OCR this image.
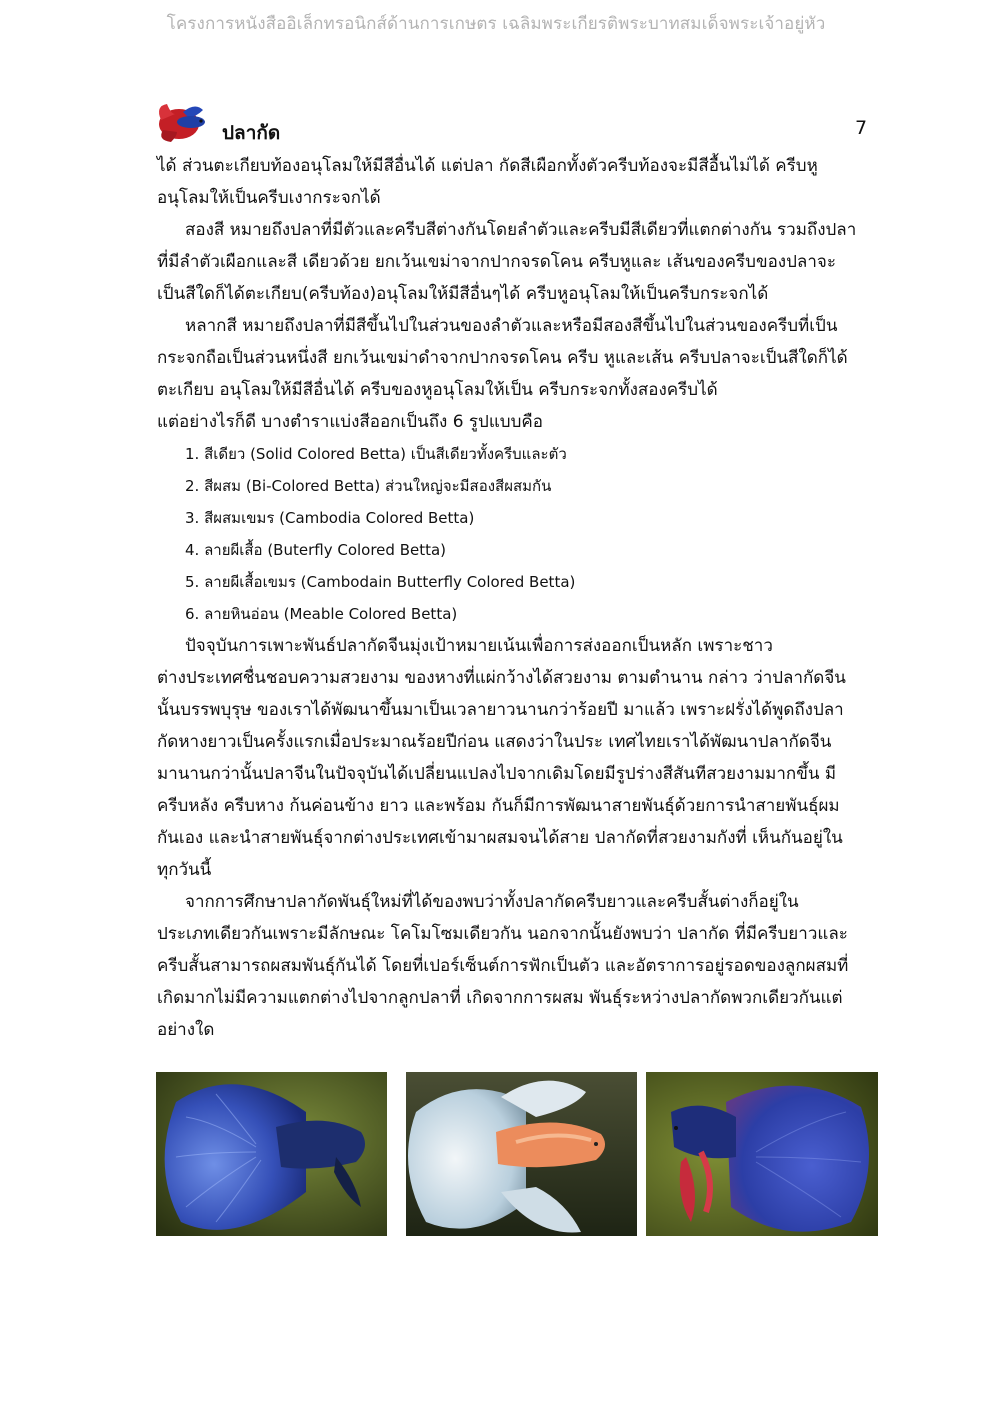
โครงการหนังสืออิเล็กทรอนิกส์ด้านการเกษตร เฉลิมพระเกียรติพระบาทสมเด็จพระเจ้าอยู่หัว
ปลากัด	7
ได้ ส่วนตะเกียบท้องอนุโลมให้มีสีอื่นได้ แต่ปลา กัดสีเผือกทั้งตัวครีบท้องจะมีสีอื้นไม่ได้ ครีบหู
อนุโลมให้เป็นครีบเงากระจกได้
สองสี หมายถึงปลาที่มีตัวและครีบสีต่างกันโดยลำตัวและครีบมีสีเดียวที่แตกต่างกัน รวมถึงปลา
ที่มีลำตัวเผือกและสี เดียวด้วย ยกเว้นเขม่าจากปากจรดโคน ครีบหูและ เส้นของครีบของปลาจะ
เป็นสีใดก็ได้ตะเกียบ(ครีบท้อง)อนุโลมให้มีสีอื่นๆได้ ครีบหูอนุโลมให้เป็นครีบกระจกได้
หลากสี หมายถึงปลาที่มีสีขึ้นไปในส่วนของลำตัวและหรือมีสองสีขึ้นไปในส่วนของครีบที่เป็น
กระจกถือเป็นส่วนหนึ่งสี ยกเว้นเขม่าดำจากปากจรดโคน ครีบ หูและเส้น ครีบปลาจะเป็นสีใดก็ได้
ตะเกียบ อนุโลมให้มีสีอื่นได้ ครีบของหูอนุโลมให้เป็น ครีบกระจกทั้งสองครีบได้
แต่อย่างไรก็ดี บางตำราแบ่งสีออกเป็นถึง 6 รูปแบบคือ
1. สีเดียว (Solid Colored Betta) เป็นสีเดียวทั้งครีบและตัว
2. สีผสม (Bi-Colored Betta) ส่วนใหญ่จะมีสองสีผสมกัน
3. สีผสมเขมร (Cambodia Colored Betta)
4. ลายผีเสื้อ (Buterfly Colored Betta)
5. ลายผีเสื้อเขมร (Cambodain Butterfly Colored Betta)
6. ลายหินอ่อน (Meable Colored Betta)
ปัจจุบันการเพาะพันธ์ปลากัดจีนมุ่งเป้าหมายเน้นเพื่อการส่งออกเป็นหลัก เพราะชาว
ต่างประเทศชื่นชอบความสวยงาม ของหางที่แผ่กว้างได้สวยงาม ตามตำนาน กล่าว ว่าปลากัดจีน
นั้นบรรพบุรุษ ของเราได้พัฒนาขึ้นมาเป็นเวลายาวนานกว่าร้อยปี มาแล้ว เพราะฝรั่งได้พูดถึงปลา
กัดหางยาวเป็นครั้งแรกเมื่อประมาณร้อยปีก่อน แสดงว่าในประ เทศไทยเราได้พัฒนาปลากัดจีน
มานานกว่านั้นปลาจีนในปัจจุบันได้เปลี่ยนแปลงไปจากเดิมโดยมีรูปร่างสีสันทีสวยงามมากขึ้น มี
ครีบหลัง ครีบหาง ก้นค่อนข้าง ยาว และพร้อม กันก็มีการพัฒนาสายพันธุ์ด้วยการนำสายพันธุ์ผม
กันเอง และนำสายพันธุ์จากต่างประเทศเข้ามาผสมจนได้สาย ปลากัดที่สวยงามกังที่ เห็นกันอยู่ใน
ทุกวันนี้
จากการศึกษาปลากัดพันธุ์ใหม่ที่ได้ของพบว่าทั้งปลากัดครีบยาวและครีบสั้นต่างก็อยู่ใน
ประเภทเดียวกันเพราะมีลักษณะ โคโมโซมเดียวกัน นอกจากนั้นยังพบว่า ปลากัด ที่มีครีบยาวและ
ครีบสั้นสามารถผสมพันธุ์กันได้ โดยที่เปอร์เซ็นต์การฟักเป็นตัว และอัตราการอยู่รอดของลูกผสมที่
เกิดมากไม่มีความแตกต่างไปจากลูกปลาที่ เกิดจากการผสม พันธุ์ระหว่างปลากัดพวกเดียวกันแต่
อย่างใด
